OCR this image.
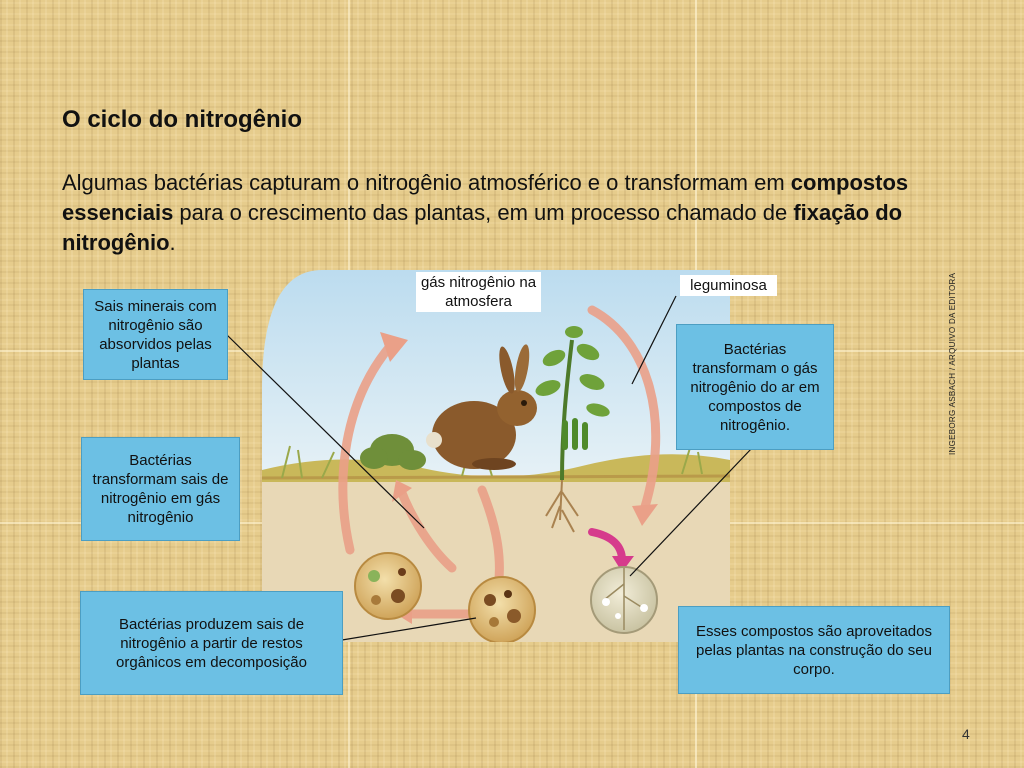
O ciclo do nitrogênio

Algumas bactérias capturam o nitrogênio atmosférico e o transformam em compostos essenciais para o crescimento das plantas, em um processo chamado de fixação do nitrogênio.

gás nitrogênio na atmosfera
leguminosa
Sais minerais com nitrogênio são absorvidos pelas plantas
Bactérias transformam sais de nitrogênio em gás nitrogênio
Bactérias produzem sais de nitrogênio a partir de restos orgânicos em decomposição
Bactérias transformam o gás nitrogênio do ar em compostos de nitrogênio.
Esses compostos são aproveitados pelas plantas na construção do seu corpo.
INGEBORG ASBACH / ARQUIVO DA EDITORA
4
